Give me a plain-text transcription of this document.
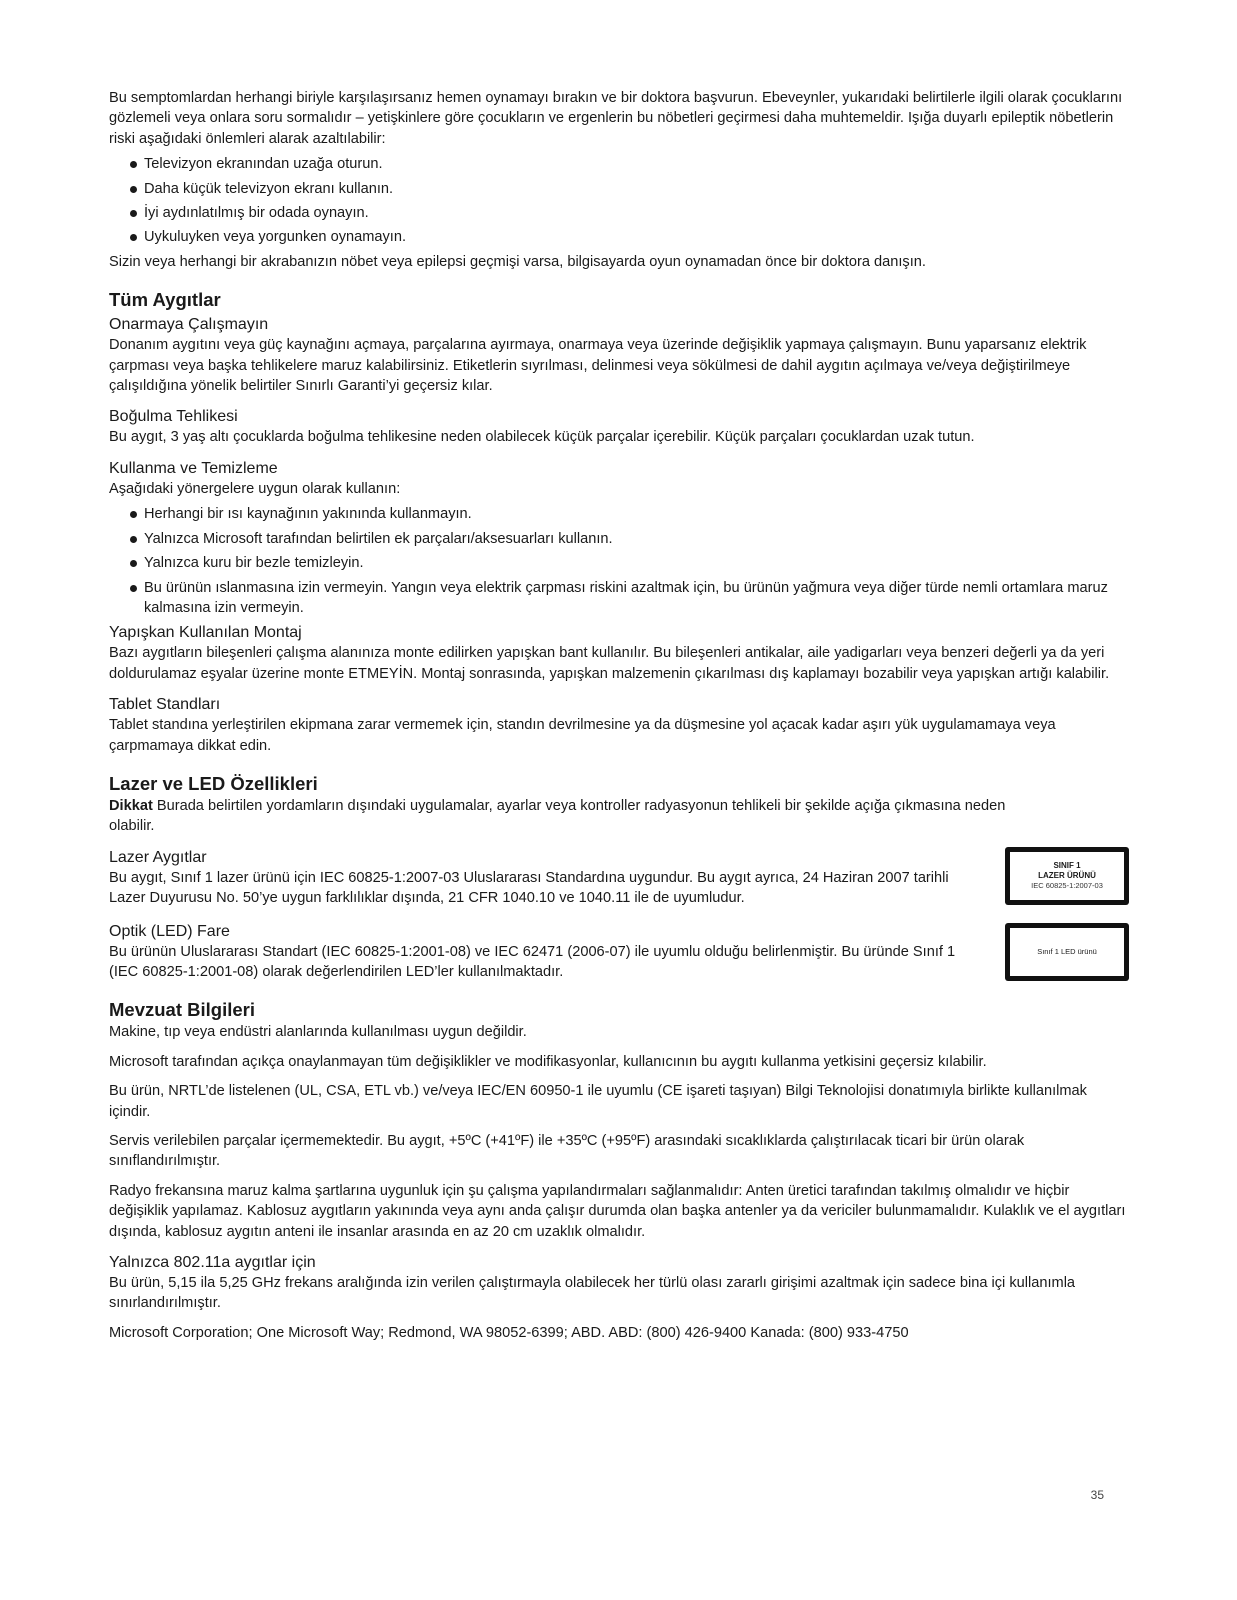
Bu semptomlardan herhangi biriyle karşılaşırsanız hemen oynamayı bırakın ve bir doktora başvurun. Ebeveynler, yukarıdaki belirtilerle ilgili olarak çocuklarını gözlemeli veya onlara soru sormalıdır – yetişkinlere göre çocukların ve ergenlerin bu nöbetleri geçirmesi daha muhtemeldir. Işığa duyarlı epileptik nöbetlerin riski aşağıdaki önlemleri alarak azaltılabilir:

Televizyon ekranından uzağa oturun.
Daha küçük televizyon ekranı kullanın.
İyi aydınlatılmış bir odada oynayın.
Uykuluyken veya yorgunken oynamayın.

Sizin veya herhangi bir akrabanızın nöbet veya epilepsi geçmişi varsa, bilgisayarda oyun oynamadan önce bir doktora danışın.

Tüm Aygıtlar
Onarmaya Çalışmayın

Donanım aygıtını veya güç kaynağını açmaya, parçalarına ayırmaya, onarmaya veya üzerinde değişiklik yapmaya çalışmayın. Bunu yaparsanız elektrik çarpması veya başka tehlikelere maruz kalabilirsiniz. Etiketlerin sıyrılması, delinmesi veya sökülmesi de dahil aygıtın açılmaya ve/veya değiştirilmeye çalışıldığına yönelik belirtiler Sınırlı Garanti’yi geçersiz kılar.

Boğulma Tehlikesi

Bu aygıt, 3 yaş altı çocuklarda boğulma tehlikesine neden olabilecek küçük parçalar içerebilir. Küçük parçaları çocuklardan uzak tutun.

Kullanma ve Temizleme

Aşağıdaki yönergelere uygun olarak kullanın:

Herhangi bir ısı kaynağının yakınında kullanmayın.
Yalnızca Microsoft tarafından belirtilen ek parçaları/aksesuarları kullanın.
Yalnızca kuru bir bezle temizleyin.
Bu ürünün ıslanmasına izin vermeyin. Yangın veya elektrik çarpması riskini azaltmak için, bu ürünün yağmura veya diğer türde nemli ortamlara maruz kalmasına izin vermeyin.
Yapışkan Kullanılan Montaj

Bazı aygıtların bileşenleri çalışma alanınıza monte edilirken yapışkan bant kullanılır. Bu bileşenleri antikalar, aile yadigarları veya benzeri değerli ya da yeri doldurulamaz eşyalar üzerine monte ETMEYİN. Montaj sonrasında, yapışkan malzemenin çıkarılması dış kaplamayı bozabilir veya yapışkan artığı kalabilir.

Tablet Standları

Tablet standına yerleştirilen ekipmana zarar vermemek için, standın devrilmesine ya da düşmesine yol açacak kadar aşırı yük uygulamamaya veya çarpmamaya dikkat edin.

Lazer ve LED Özellikleri

Dikkat Burada belirtilen yordamların dışındaki uygulamalar, ayarlar veya kontroller radyasyonun tehlikeli bir şekilde açığa çıkmasına neden olabilir.

Lazer Aygıtlar

Bu aygıt, Sınıf 1 lazer ürünü için IEC 60825-1:2007-03 Uluslararası Standardına uygundur. Bu aygıt ayrıca, 24 Haziran 2007 tarihli Lazer Duyurusu No. 50’ye uygun farklılıklar dışında, 21 CFR 1040.10 ve 1040.11 ile de uyumludur.

SINIF 1
LAZER ÜRÜNÜ
IEC 60825-1:2007-03
Optik (LED) Fare

Bu ürünün Uluslararası Standart (IEC 60825-1:2001-08) ve IEC 62471 (2006-07) ile uyumlu olduğu belirlenmiştir. Bu üründe Sınıf 1 (IEC 60825-1:2001-08) olarak değerlendirilen LED’ler kullanılmaktadır.

Sınıf 1 LED ürünü
Mevzuat Bilgileri

Makine, tıp veya endüstri alanlarında kullanılması uygun değildir.

Microsoft tarafından açıkça onaylanmayan tüm değişiklikler ve modifikasyonlar, kullanıcının bu aygıtı kullanma yetkisini geçersiz kılabilir.

Bu ürün, NRTL’de listelenen (UL, CSA, ETL vb.) ve/veya IEC/EN 60950-1 ile uyumlu (CE işareti taşıyan) Bilgi Teknolojisi donatımıyla birlikte kullanılmak içindir.

Servis verilebilen parçalar içermemektedir. Bu aygıt, +5ºC (+41ºF) ile +35ºC (+95ºF) arasındaki sıcaklıklarda çalıştırılacak ticari bir ürün olarak sınıflandırılmıştır.

Radyo frekansına maruz kalma şartlarına uygunluk için şu çalışma yapılandırmaları sağlanmalıdır: Anten üretici tarafından takılmış olmalıdır ve hiçbir değişiklik yapılamaz. Kablosuz aygıtların yakınında veya aynı anda çalışır durumda olan başka antenler ya da vericiler bulunmamalıdır. Kulaklık ve el aygıtları dışında, kablosuz aygıtın anteni ile insanlar arasında en az 20 cm uzaklık olmalıdır.

Yalnızca 802.11a aygıtlar için

Bu ürün, 5,15 ila 5,25 GHz frekans aralığında izin verilen çalıştırmayla olabilecek her türlü olası zararlı girişimi azaltmak için sadece bina içi kullanımla sınırlandırılmıştır.

Microsoft Corporation; One Microsoft Way; Redmond, WA 98052-6399; ABD. ABD: (800) 426-9400 Kanada: (800) 933-4750

35
